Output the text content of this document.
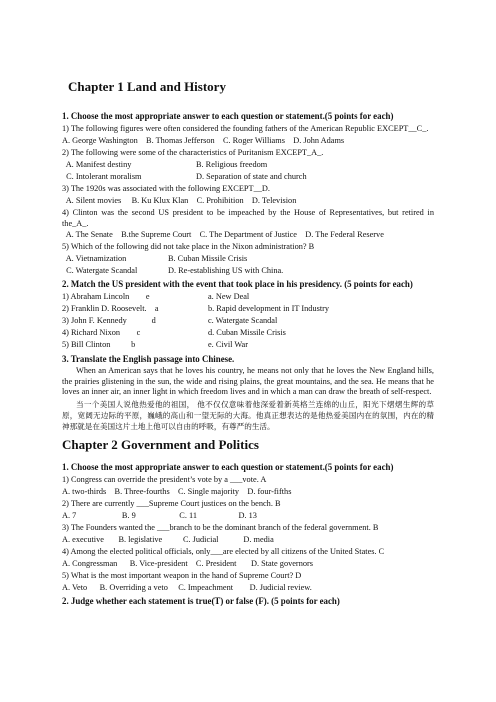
Chapter 1 Land and History
1. Choose the most appropriate answer to each question or statement.(5 points for each)
1) The following figures were often considered the founding fathers of the American Republic EXCEPT__C_.
A. George Washington    B. Thomas Jefferson    C. Roger Williams    D. John Adams
2) The following were some of the characteristics of Puritanism EXCEPT_A_.
A. Manifest destiny	B. Religious freedom
C. Intolerant moralism	D. Separation of state and church
3) The 1920s was associated with the following EXCEPT__D.
A. Silent movies     B. Ku Klux Klan    C. Prohibition    D. Television
4) Clinton was the second US president to be impeached by the House of Representatives, but retired in the_A_.
A. The Senate    B.the Supreme Court    C. The Department of Justice    D. The Federal Reserve
5) Which of the following did not take place in the Nixon administration? B
A. Vietnamization	B. Cuban Missile Crisis
C. Watergate Scandal	D. Re-establishing US with China.
2. Match the US president with the event that took place in his presidency. (5 points for each)
1) Abraham Lincoln        e	a. New Deal
2) Franklin D. Roosevelt.    a	b. Rapid development in IT Industry
3) John F. Kennedy            d	c. Watergate Scandal
4) Richard Nixon        c	d. Cuban Missile Crisis
5) Bill Clinton          b	e. Civil War
3. Translate the English passage into Chinese.
When an American says that he loves his country, he means not only that he loves the New England hills, the prairies glistening in the sun, the wide and rising plains, the great mountains, and the sea. He means that he loves an inner air, an inner light in which freedom lives and in which a man can draw the breath of self-respect.
当一个美国人说他热爱他的祖国， 他不仅仅意味着他深爱着新英格兰连绵的山丘，阳光下熠熠生辉的草原，宽阔无边际的平原，巍峨的高山和一望无际的大海。他真正想表达的是他热爱美国内在的氛围，内在的精神那就是在美国这片土地上他可以自由的呼吸，有尊严的生活。
Chapter 2 Government and Politics
1. Choose the most appropriate answer to each question or statement.(5 points for each)
1) Congress can override the president’s vote by a ___vote. A
A. two-thirds    B. Three-fourths    C. Single majority    D. four-fifths
2) There are currently ___Supreme Court justices on the bench. B
A. 7                      B. 9                     C. 11                    D. 13
3) The Founders wanted the ___branch to be the dominant branch of the federal government. B
A. executive       B. legislative          C. Judicial            D. media
4) Among the elected political officials, only___are elected by all citizens of the United States. C
A. Congressman      B. Vice-president    C. President       D. State governors
5) What is the most important weapon in the hand of Supreme Court? D
A. Veto      B. Overriding a veto     C. Impeachment        D. Judicial review.
2. Judge whether each statement is true(T) or false (F). (5 points for each)
